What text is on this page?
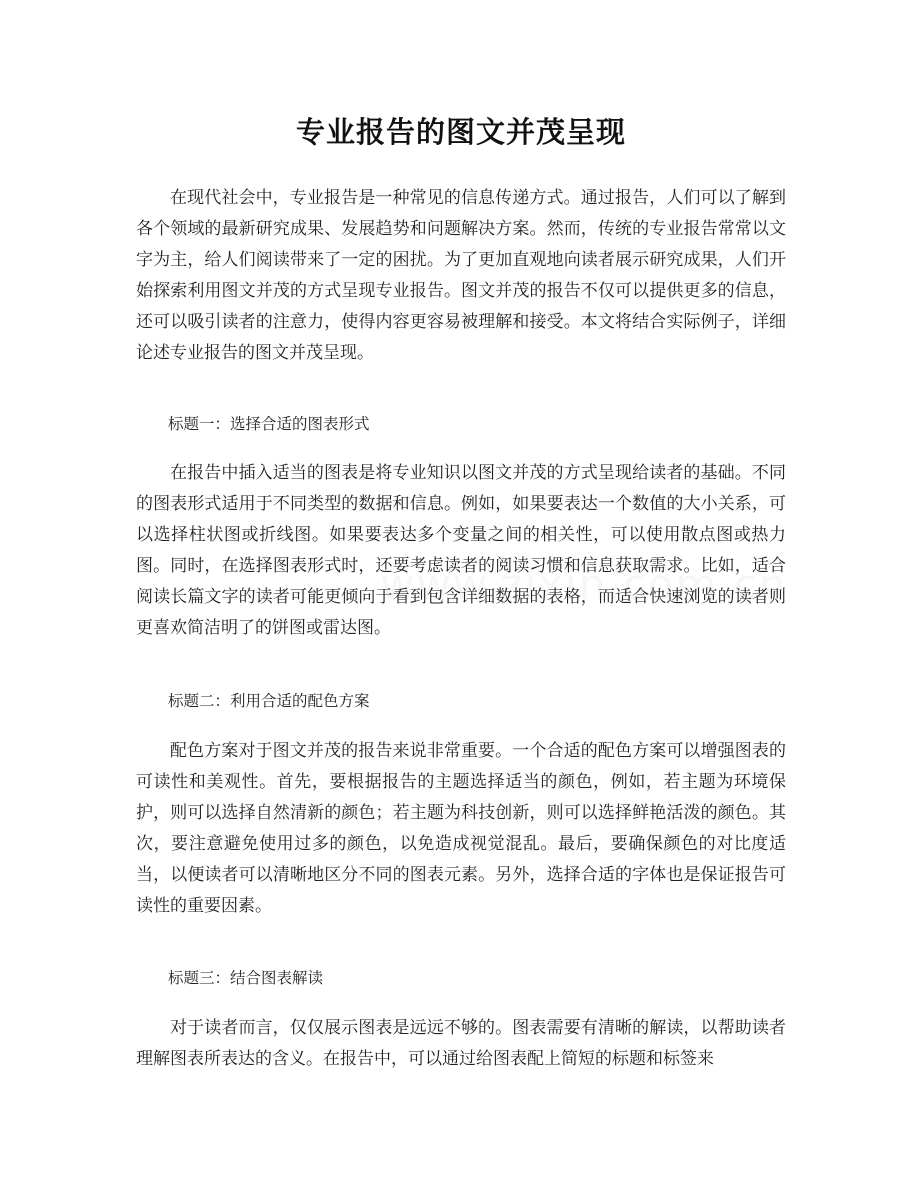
专业报告的图文并茂呈现

在现代社会中，专业报告是一种常见的信息传递方式。通过报告，人们可以了解到各个领域的最新研究成果、发展趋势和问题解决方案。然而，传统的专业报告常常以文字为主，给人们阅读带来了一定的困扰。为了更加直观地向读者展示研究成果，人们开始探索利用图文并茂的方式呈现专业报告。图文并茂的报告不仅可以提供更多的信息，还可以吸引读者的注意力，使得内容更容易被理解和接受。本文将结合实际例子，详细论述专业报告的图文并茂呈现。

标题一：选择合适的图表形式

在报告中插入适当的图表是将专业知识以图文并茂的方式呈现给读者的基础。不同的图表形式适用于不同类型的数据和信息。例如，如果要表达一个数值的大小关系，可以选择柱状图或折线图。如果要表达多个变量之间的相关性，可以使用散点图或热力图。同时，在选择图表形式时，还要考虑读者的阅读习惯和信息获取需求。比如，适合阅读长篇文字的读者可能更倾向于看到包含详细数据的表格，而适合快速浏览的读者则更喜欢简洁明了的饼图或雷达图。

标题二：利用合适的配色方案

配色方案对于图文并茂的报告来说非常重要。一个合适的配色方案可以增强图表的可读性和美观性。首先，要根据报告的主题选择适当的颜色，例如，若主题为环境保护，则可以选择自然清新的颜色；若主题为科技创新，则可以选择鲜艳活泼的颜色。其次，要注意避免使用过多的颜色，以免造成视觉混乱。最后，要确保颜色的对比度适当，以便读者可以清晰地区分不同的图表元素。另外，选择合适的字体也是保证报告可读性的重要因素。

标题三：结合图表解读

对于读者而言，仅仅展示图表是远远不够的。图表需要有清晰的解读，以帮助读者理解图表所表达的含义。在报告中，可以通过给图表配上简短的标题和标签来
